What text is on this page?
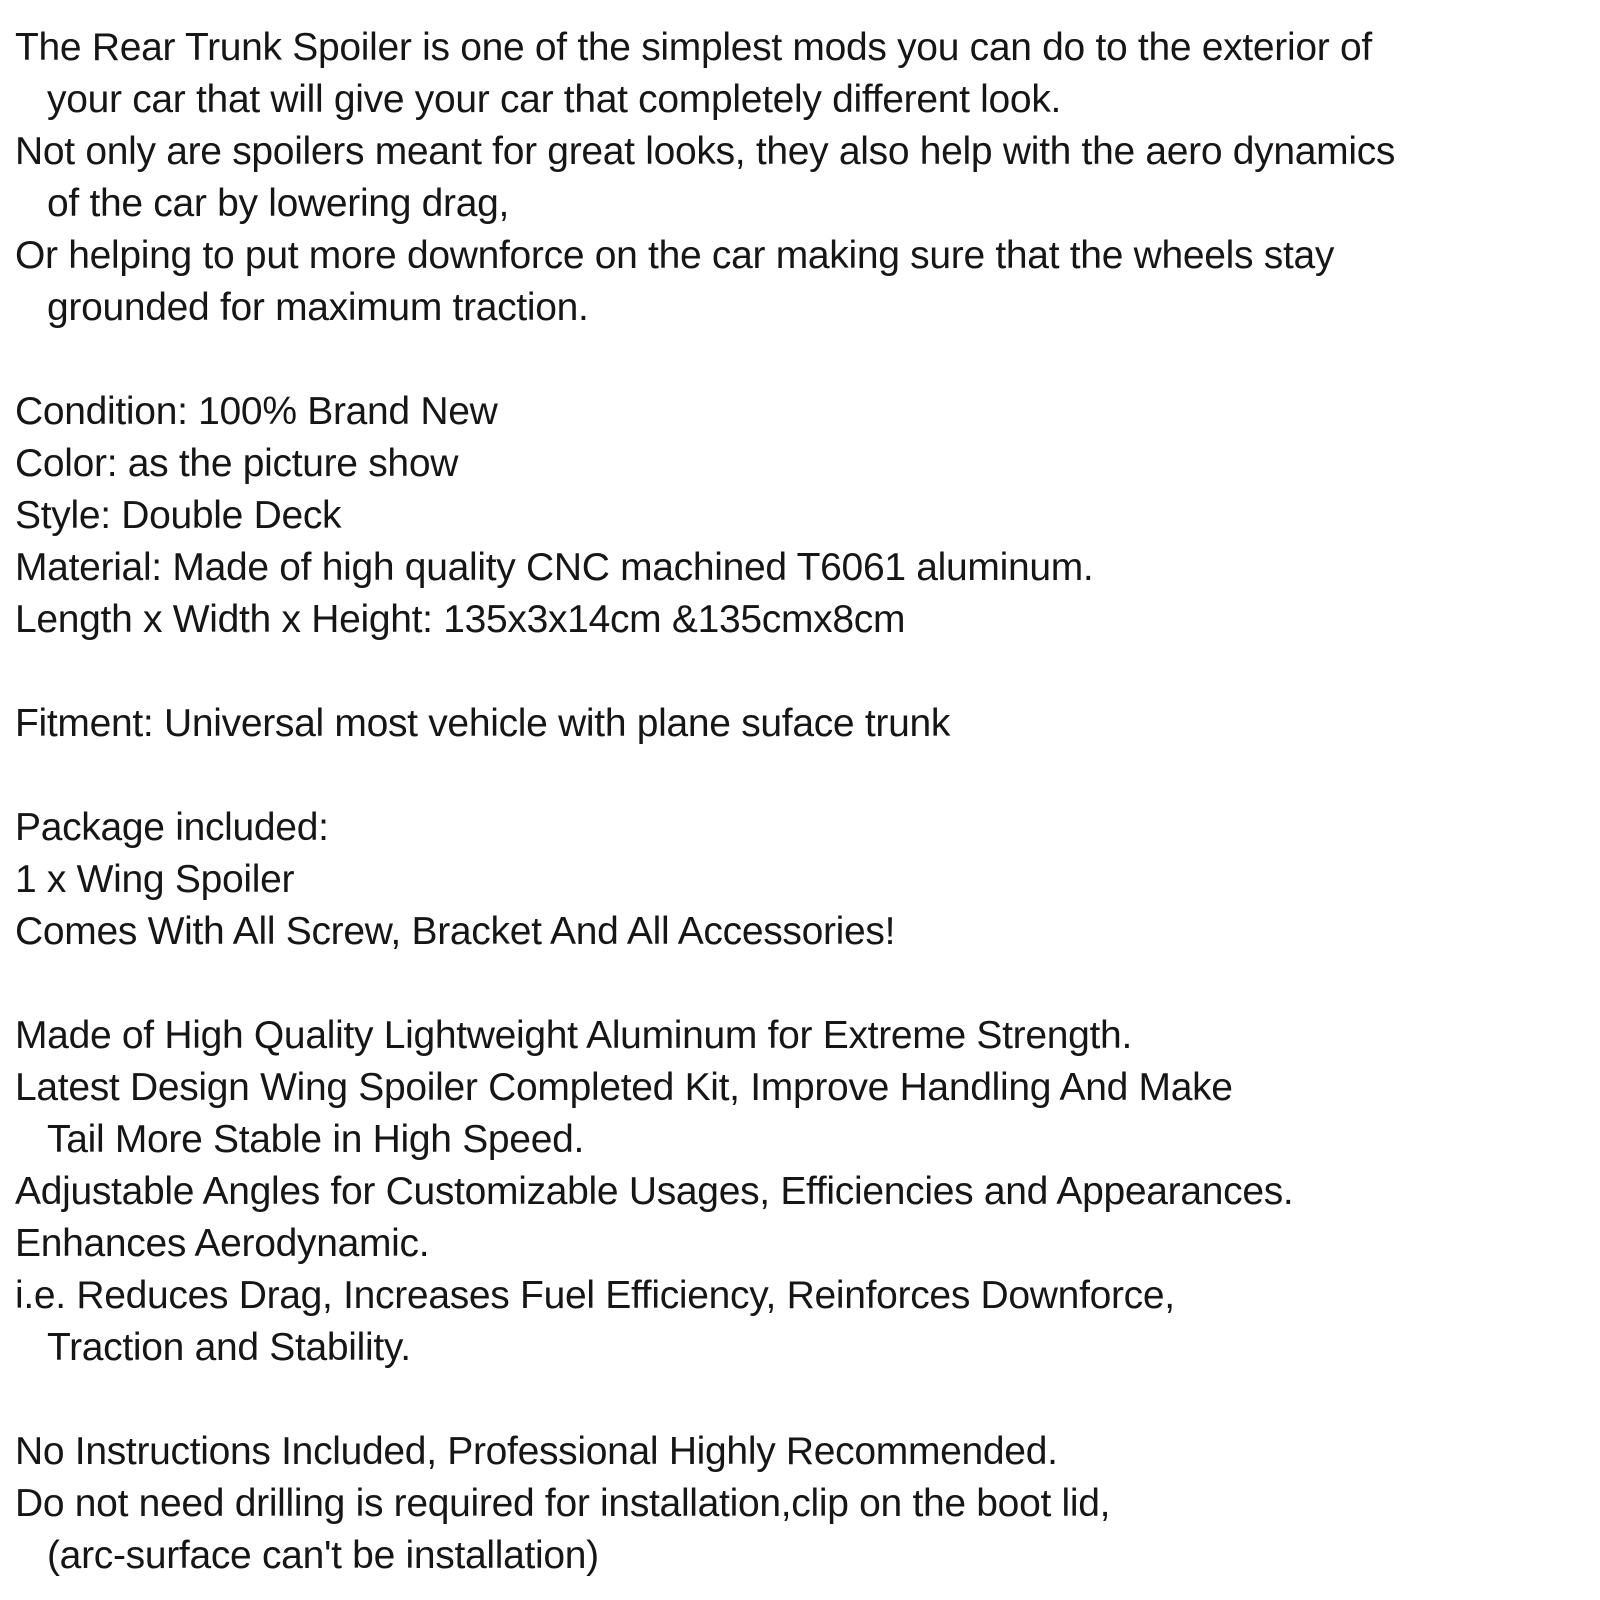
The Rear Trunk Spoiler is one of the simplest mods you can do to the exterior of
your car that will give your car that completely different look.
Not only are spoilers meant for great looks, they also help with the aero dynamics
of the car by lowering drag,
Or helping to put more downforce on the car making sure that the wheels stay
grounded for maximum traction.
Condition: 100% Brand New
Color: as the picture show
Style: Double Deck
Material: Made of high quality CNC machined T6061 aluminum.
Length x Width x Height: 135x3x14cm &135cmx8cm
Fitment: Universal most vehicle with plane suface trunk
Package included:
1 x Wing Spoiler
Comes With All Screw, Bracket And All Accessories!
Made of High Quality Lightweight Aluminum for Extreme Strength.
Latest Design Wing Spoiler Completed Kit, Improve Handling And Make
Tail More Stable in High Speed.
Adjustable Angles for Customizable Usages, Efficiencies and Appearances.
Enhances Aerodynamic.
i.e. Reduces Drag, Increases Fuel Efficiency, Reinforces Downforce,
Traction and Stability.
No Instructions Included, Professional Highly Recommended.
Do not need drilling is required for installation,clip on the boot lid,
(arc-surface can't be installation)
